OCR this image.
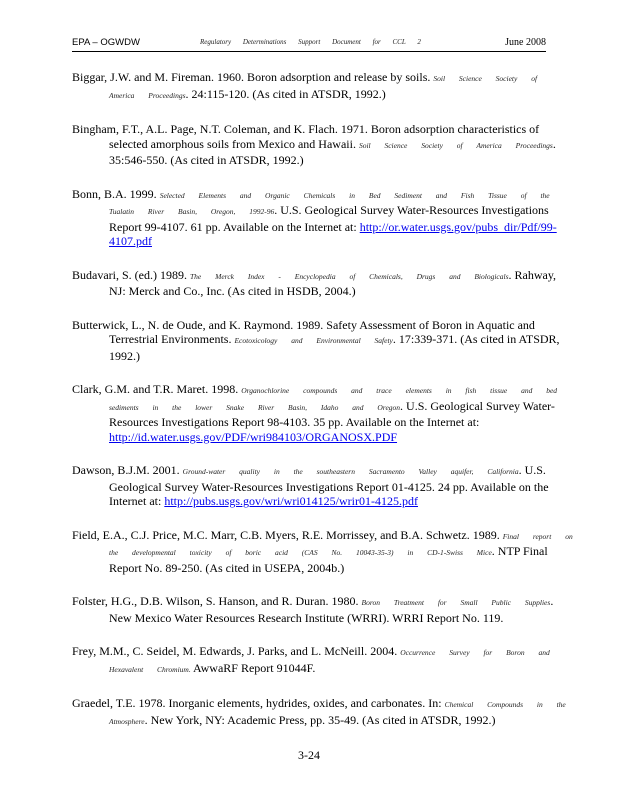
EPA – OGWDW	Regulatory Determinations Support Document for CCL 2	June 2008

Biggar, J.W. and M. Fireman. 1960. Boron adsorption and release by soils. Soil Science Society of America Proceedings. 24:115-120. (As cited in ATSDR, 1992.)

Bingham, F.T., A.L. Page, N.T. Coleman, and K. Flach. 1971. Boron adsorption characteristics of selected amorphous soils from Mexico and Hawaii. Soil Science Society of America Proceedings. 35:546-550. (As cited in ATSDR, 1992.)

Bonn, B.A. 1999. Selected Elements and Organic Chemicals in Bed Sediment and Fish Tissue of the Tualatin River Basin, Oregon, 1992-96. U.S. Geological Survey Water-Resources Investigations Report 99-4107. 61 pp. Available on the Internet at: http://or.water.usgs.gov/pubs_dir/Pdf/99-4107.pdf

Budavari, S. (ed.) 1989. The Merck Index - Encyclopedia of Chemicals, Drugs and Biologicals. Rahway, NJ: Merck and Co., Inc. (As cited in HSDB, 2004.)

Butterwick, L., N. de Oude, and K. Raymond. 1989. Safety Assessment of Boron in Aquatic and Terrestrial Environments. Ecotoxicology and Environmental Safety. 17:339-371. (As cited in ATSDR, 1992.)

Clark, G.M. and T.R. Maret. 1998. Organochlorine compounds and trace elements in fish tissue and bed sediments in the lower Snake River Basin, Idaho and Oregon. U.S. Geological Survey Water-Resources Investigations Report 98-4103. 35 pp. Available on the Internet at: http://id.water.usgs.gov/PDF/wri984103/ORGANOSX.PDF

Dawson, B.J.M. 2001. Ground-water quality in the southeastern Sacramento Valley aquifer, California. U.S. Geological Survey Water-Resources Investigations Report 01-4125. 24 pp. Available on the Internet at: http://pubs.usgs.gov/wri/wri014125/wrir01-4125.pdf

Field, E.A., C.J. Price, M.C. Marr, C.B. Myers, R.E. Morrissey, and B.A. Schwetz. 1989. Final report on the developmental toxicity of boric acid (CAS No. 10043-35-3) in CD-1-Swiss Mice. NTP Final Report No. 89-250. (As cited in USEPA, 2004b.)

Folster, H.G., D.B. Wilson, S. Hanson, and R. Duran. 1980. Boron Treatment for Small Public Supplies. New Mexico Water Resources Research Institute (WRRI). WRRI Report No. 119.

Frey, M.M., C. Seidel, M. Edwards, J. Parks, and L. McNeill. 2004. Occurrence Survey for Boron and Hexavalent Chromium. AwwaRF Report 91044F.

Graedel, T.E. 1978. Inorganic elements, hydrides, oxides, and carbonates. In: Chemical Compounds in the Atmosphere. New York, NY: Academic Press, pp. 35-49. (As cited in ATSDR, 1992.)

3-24
